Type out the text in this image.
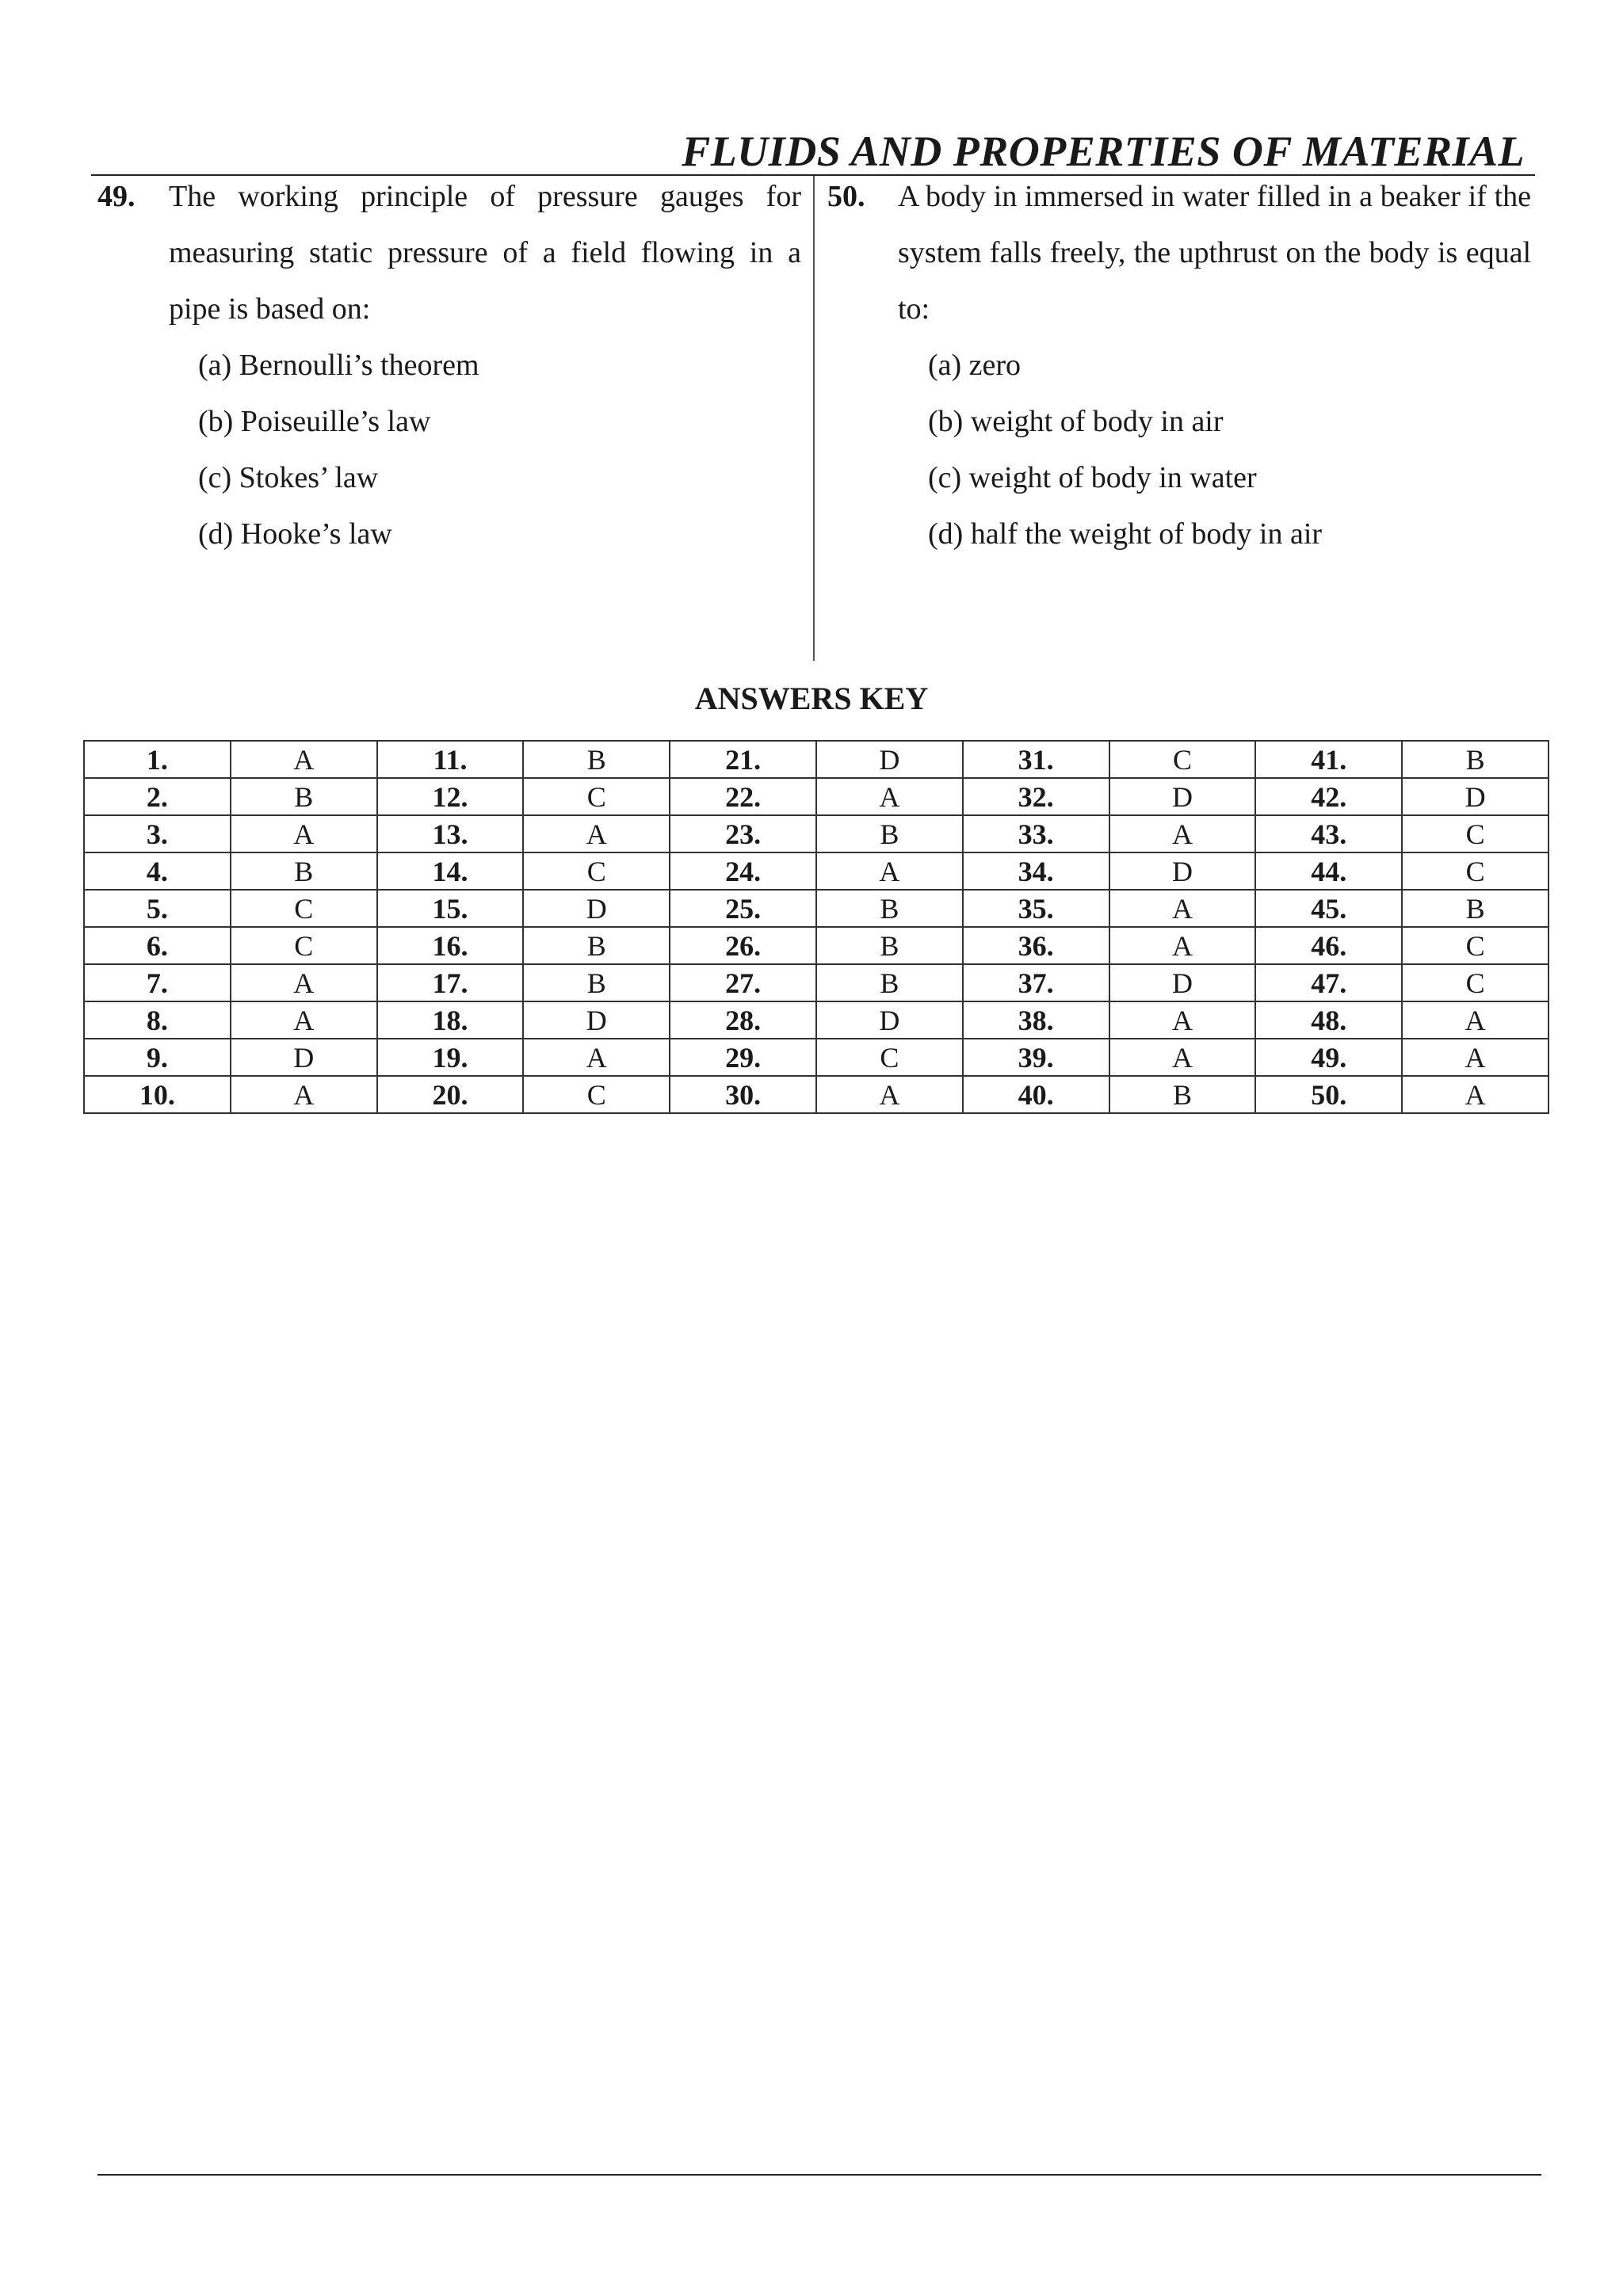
FLUIDS AND PROPERTIES OF MATERIAL
49. The working principle of pressure gauges for measuring static pressure of a field flowing in a pipe is based on:
(a) Bernoulli’s theorem
(b) Poiseuille’s law
(c) Stokes’ law
(d) Hooke’s law
50. A body in immersed in water filled in a beaker if the system falls freely, the upthrust on the body is equal to:
(a) zero
(b) weight of body in air
(c) weight of body in water
(d) half the weight of body in air
ANSWERS KEY
1.	A	11.	B	21.	D	31.	C	41.	B
2.	B	12.	C	22.	A	32.	D	42.	D
3.	A	13.	A	23.	B	33.	A	43.	C
4.	B	14.	C	24.	A	34.	D	44.	C
5.	C	15.	D	25.	B	35.	A	45.	B
6.	C	16.	B	26.	B	36.	A	46.	C
7.	A	17.	B	27.	B	37.	D	47.	C
8.	A	18.	D	28.	D	38.	A	48.	A
9.	D	19.	A	29.	C	39.	A	49.	A
10.	A	20.	C	30.	A	40.	B	50.	A
